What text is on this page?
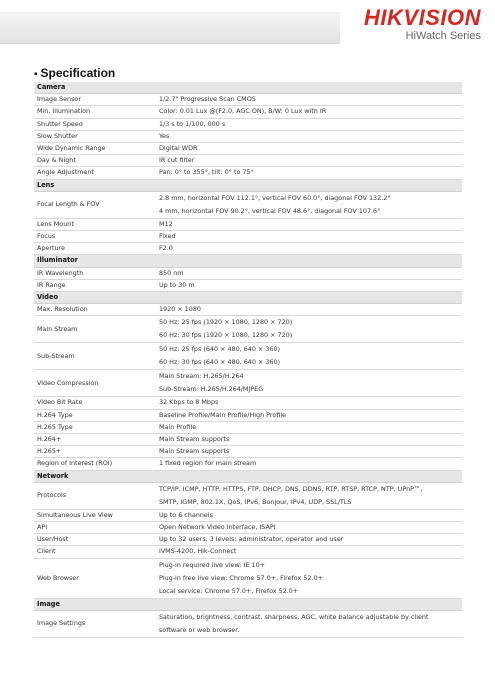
HIKVISION
HiWatch Series
▪ Specification
Camera	
Image Sensor	1/2.7" Progressive Scan CMOS

Min. Illumination	Color: 0.01 Lux @(F2.0, AGC ON), B/W: 0 Lux with IR

Shutter Speed	1/3 s to 1/100, 000 s

Slow Shutter	Yes

Wide Dynamic Range	Digital WDR

Day & Night	IR cut filter

Angle Adjustment	Pan: 0° to 355°, tilt: 0° to 75°

Lens	
Focal Length & FOV	2.8 mm, horizontal FOV 112.1°, vertical FOV 60.0°, diagonal FOV 132.2°
4 mm, horizontal FOV 90.2°, vertical FOV 48.6°, diagonal FOV 107.6°

Lens Mount	M12

Focus	Fixed

Aperture	F2.0

Illuminator	
IR Wavelength	850 nm

IR Range	Up to 30 m

Video	
Max. Resolution	1920 × 1080

Main Stream	50 Hz: 25 fps (1920 × 1080, 1280 × 720)
60 Hz: 30 fps (1920 × 1080, 1280 × 720)

Sub-Stream	50 Hz: 25 fps (640 × 480, 640 × 360)
60 Hz: 30 fps (640 × 480, 640 × 360)

Video Compression	Main Stream: H.265/H.264
Sub-Stream: H.265/H.264/MJPEG

Video Bit Rate	32 Kbps to 8 Mbps

H.264 Type	Baseline Profile/Main Profile/High Profile

H.265 Type	Main Profile

H.264+	Main Stream supports

H.265+	Main Stream supports

Region of Interest (ROI)	1 fixed region for main stream

Network	
Protocols	TCP/IP, ICMP, HTTP, HTTPS, FTP, DHCP, DNS, DDNS, RTP, RTSP, RTCP, NTP, UPnP™,
SMTP, IGMP, 802.1X, QoS, IPv6, Bonjour, IPv4, UDP, SSL/TLS

Simultaneous Live View	Up to 6 channels

API	Open Network Video Interface, ISAPI

User/Host	Up to 32 users. 3 levels: administrator, operator and user

Client	iVMS-4200, Hik-Connect

Web Browser	Plug-in required live view: IE 10+
Plug-in free live view: Chrome 57.0+, Firefox 52.0+
Local service: Chrome 57.0+, Firefox 52.0+

Image	
Image Settings	Saturation, brightness, contrast, sharpness, AGC, white balance adjustable by client
software or web browser.
